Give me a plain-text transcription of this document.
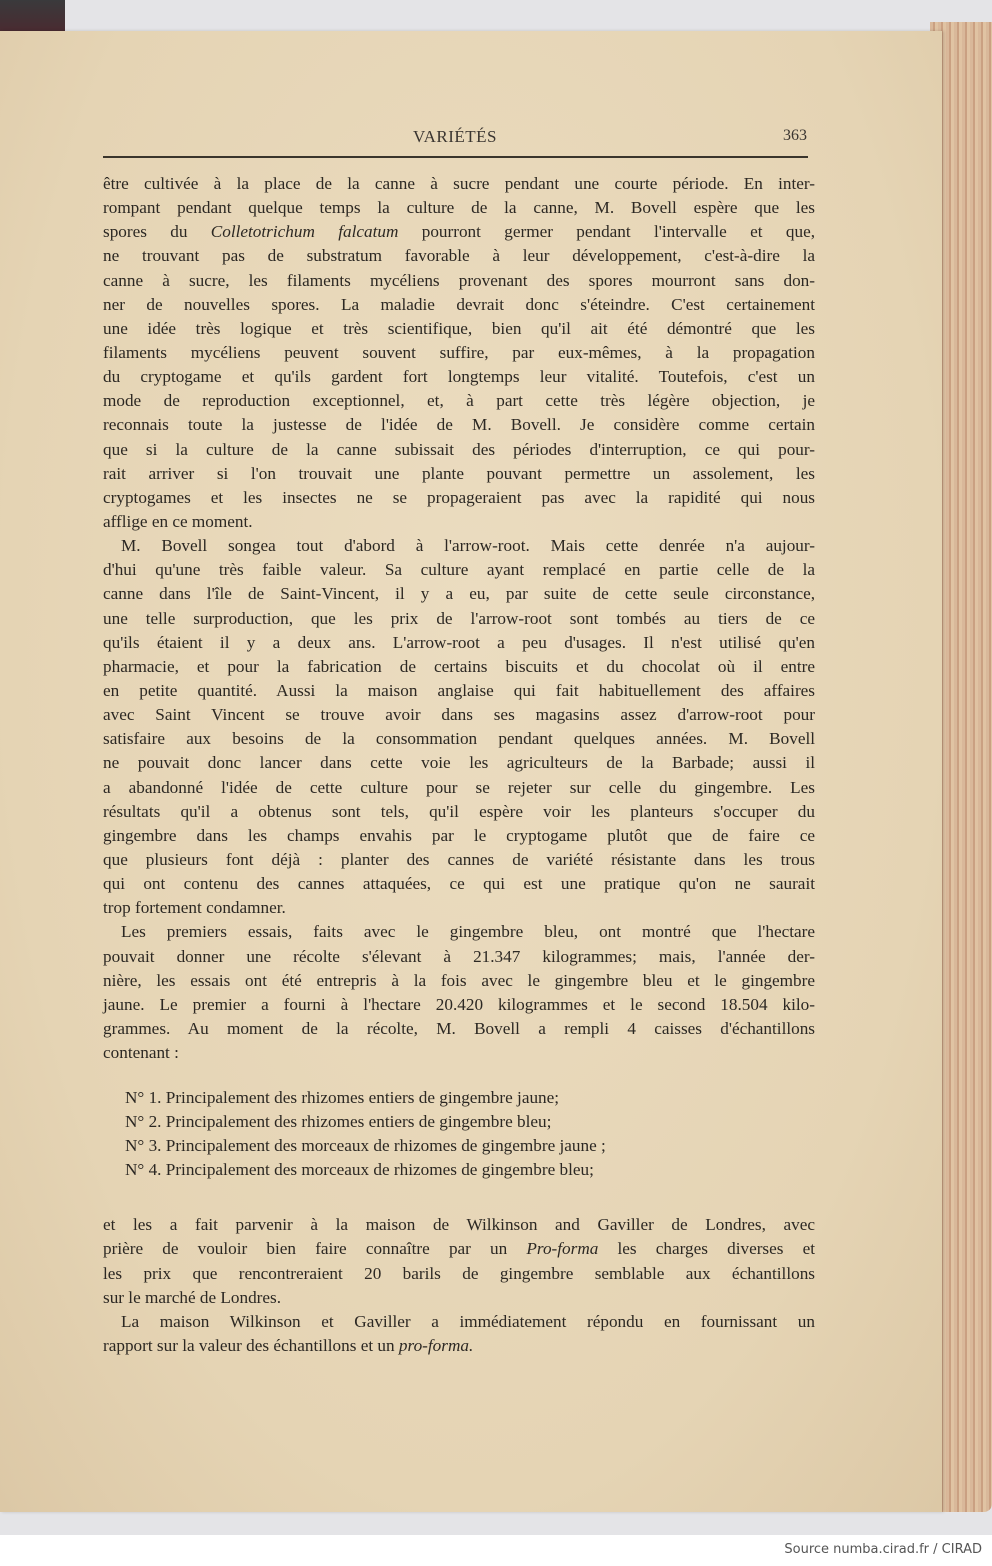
VARIÉTÉS	363
être cultivée à la place de la canne à sucre pendant une courte période. En inter-
rompant pendant quelque temps la culture de la canne, M. Bovell espère que les
spores du Colletotrichum falcatum pourront germer pendant l'intervalle et que,
ne trouvant pas de substratum favorable à leur développement, c'est-à-dire la
canne à sucre, les filaments mycéliens provenant des spores mourront sans don-
ner de nouvelles spores. La maladie devrait donc s'éteindre. C'est certainement
une idée très logique et très scientifique, bien qu'il ait été démontré que les
filaments mycéliens peuvent souvent suffire, par eux-mêmes, à la propagation
du cryptogame et qu'ils gardent fort longtemps leur vitalité. Toutefois, c'est un
mode de reproduction exceptionnel, et, à part cette très légère objection, je
reconnais toute la justesse de l'idée de M. Bovell. Je considère comme certain
que si la culture de la canne subissait des périodes d'interruption, ce qui pour-
rait arriver si l'on trouvait une plante pouvant permettre un assolement, les
cryptogames et les insectes ne se propageraient pas avec la rapidité qui nous
afflige en ce moment.
M. Bovell songea tout d'abord à l'arrow-root. Mais cette denrée n'a aujour-
d'hui qu'une très faible valeur. Sa culture ayant remplacé en partie celle de la
canne dans l'île de Saint-Vincent, il y a eu, par suite de cette seule circonstance,
une telle surproduction, que les prix de l'arrow-root sont tombés au tiers de ce
qu'ils étaient il y a deux ans. L'arrow-root a peu d'usages. Il n'est utilisé qu'en
pharmacie, et pour la fabrication de certains biscuits et du chocolat où il entre
en petite quantité. Aussi la maison anglaise qui fait habituellement des affaires
avec Saint Vincent se trouve avoir dans ses magasins assez d'arrow-root pour
satisfaire aux besoins de la consommation pendant quelques années. M. Bovell
ne pouvait donc lancer dans cette voie les agriculteurs de la Barbade; aussi il
a abandonné l'idée de cette culture pour se rejeter sur celle du gingembre. Les
résultats qu'il a obtenus sont tels, qu'il espère voir les planteurs s'occuper du
gingembre dans les champs envahis par le cryptogame plutôt que de faire ce
que plusieurs font déjà : planter des cannes de variété résistante dans les trous
qui ont contenu des cannes attaquées, ce qui est une pratique qu'on ne saurait
trop fortement condamner.
Les premiers essais, faits avec le gingembre bleu, ont montré que l'hectare
pouvait donner une récolte s'élevant à 21.347 kilogrammes; mais, l'année der-
nière, les essais ont été entrepris à la fois avec le gingembre bleu et le gingembre
jaune. Le premier a fourni à l'hectare 20.420 kilogrammes et le second 18.504 kilo-
grammes. Au moment de la récolte, M. Bovell a rempli 4 caisses d'échantillons
contenant :
N° 1. Principalement des rhizomes entiers de gingembre jaune;
N° 2. Principalement des rhizomes entiers de gingembre bleu;
N° 3. Principalement des morceaux de rhizomes de gingembre jaune ;
N° 4. Principalement des morceaux de rhizomes de gingembre bleu;
et les a fait parvenir à la maison de Wilkinson and Gaviller de Londres, avec
prière de vouloir bien faire connaître par un Pro-forma les charges diverses et
les prix que rencontreraient 20 barils de gingembre semblable aux échantillons
sur le marché de Londres.
La maison Wilkinson et Gaviller a immédiatement répondu en fournissant un
rapport sur la valeur des échantillons et un pro-forma.
Source numba.cirad.fr / CIRAD
